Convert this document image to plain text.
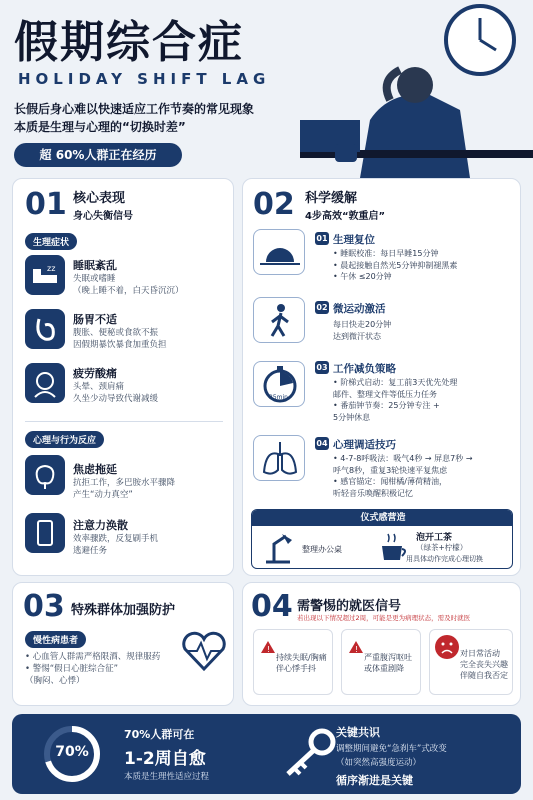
假期综合症
HOLIDAY SHIFT LAG
长假后身心难以快速适应工作节奏的常见现象
本质是生理与心理的“切换时差”
超 60%人群正在经历
01 核心表现
身心失衡信号
生理症状
zz 睡眠紊乱
失眠或嗜睡
（晚上睡不着，白天昏沉沉）
肠胃不适
腹胀、便秘或食欲不振
因假期暴饮暴食加重负担
疲劳酸痛
头晕、颈肩痛
久坐少动导致代谢减缓
心理与行为反应
焦虑拖延
抗拒工作，多巴胺水平骤降
产生“动力真空”
注意力涣散
效率骤跌，反复刷手机
逃避任务
02 科学缓解
4步高效“敦重启”
01 生理复位
• 睡眠校准：每日早睡15分钟
• 晨起接触自然光5分钟抑制褪黑素
• 午休 ≤20分钟
02 微运动激活
每日快走20分钟
达到微汗状态
25min
03 工作减负策略
• 阶梯式启动：复工前3天优先处理
邮件、整理文件等低压力任务
• 番茄钟节奏：25分钟专注 +
5分钟休息
04 心理调适技巧
• 4-7-8呼吸法：吸气4秒 → 屏息7秒 →
呼气8秒，重复3轮快速平复焦虑
• 感官锚定：闻柑橘/薄荷精油，
听轻音乐唤醒积极记忆
仪式感营造
整理办公桌
泡开工茶
（绿茶+柠檬）
用具体动作完成心理切换
03 特殊群体加强防护
慢性病患者
• 心血管人群需严格限酒、规律服药
• 警惕“假日心脏综合征”
（胸闷、心悸）
04 需警惕的就医信号
若出现以下情况超过2周，可能是更为病理状态，需及时就医
!
持续失眠/胸痛
伴心悸手抖
!
严重腹泻呕吐
或体重剧降
对日常活动
完全丧失兴趣
伴随自我否定
70%
70%人群可在
1-2周自愈
本质是生理性适应过程
关键共识
调整期间避免“急刹车”式改变
（如突然高强度运动）
循序渐进是关键
